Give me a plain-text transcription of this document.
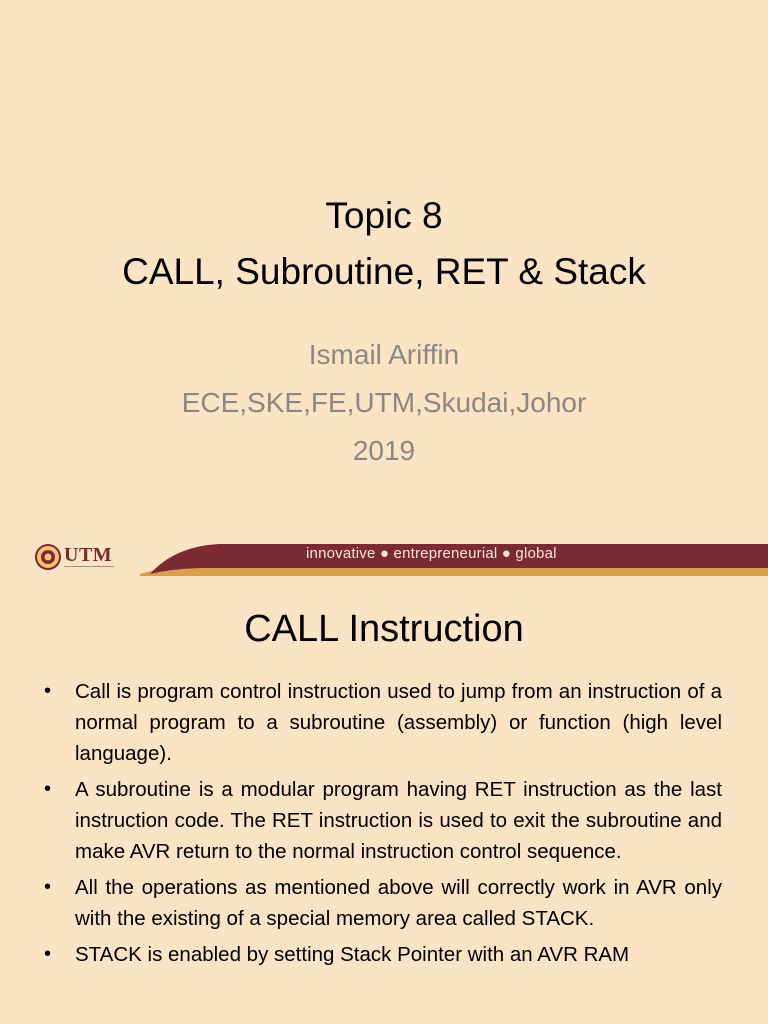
Topic 8
CALL, Subroutine, RET & Stack
Ismail Ariffin
ECE,SKE,FE,UTM,Skudai,Johor
2019
UTM	innovative ● entrepreneurial ● global
CALL Instruction
• Call is program control instruction used to jump from an instruction of a normal program to a subroutine (assembly) or function (high level language).
• A subroutine is a modular program having RET instruction as the last instruction code. The RET instruction is used to exit the subroutine and make AVR return to the normal instruction control sequence.
• All the operations as mentioned above will correctly work in AVR only with the existing of a special memory area called STACK.
• STACK is enabled by setting Stack Pointer with an AVR RAM
